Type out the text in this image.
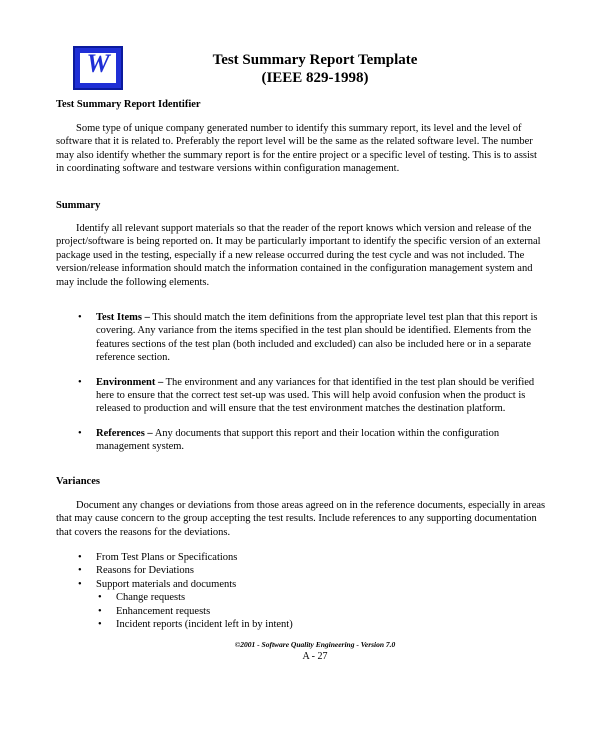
W	Test Summary Report Template
(IEEE 829-1998)
Test Summary Report Identifier

Some type of unique company generated number to identify this summary report, its level and the level of software that it is related to. Preferably the report level will be the same as the related software level. The number may also identify whether the summary report is for the entire project or a specific level of testing. This is to assist in coordinating software and testware versions within configuration management.

Summary

Identify all relevant support materials so that the reader of the report knows which version and release of the project/software is being reported on. It may be particularly important to identify the specific version of an external package used in the testing, especially if a new release occurred during the test cycle and was not included. The version/release information should match the information contained in the configuration management system and may include the following elements.

• Test Items – This should match the item definitions from the appropriate level test plan that this report is covering. Any variance from the items specified in the test plan should be identified. Elements from the features sections of the test plan (both included and excluded) can also be included here or in a separate reference section.
• Environment – The environment and any variances for that identified in the test plan should be verified here to ensure that the correct test set-up was used. This will help avoid confusion when the product is released to production and will ensure that the test environment matches the destination platform.
• References – Any documents that support this report and their location within the configuration management system.
Variances

Document any changes or deviations from those areas agreed on in the reference documents, especially in areas that may cause concern to the group accepting the test results. Include references to any supporting documentation that covers the reasons for the deviations.

• From Test Plans or Specifications
• Reasons for Deviations
• Support materials and documents
• Change requests
• Enhancement requests
• Incident reports (incident left in by intent)
©2001 - Software Quality Engineering - Version 7.0
A - 27
